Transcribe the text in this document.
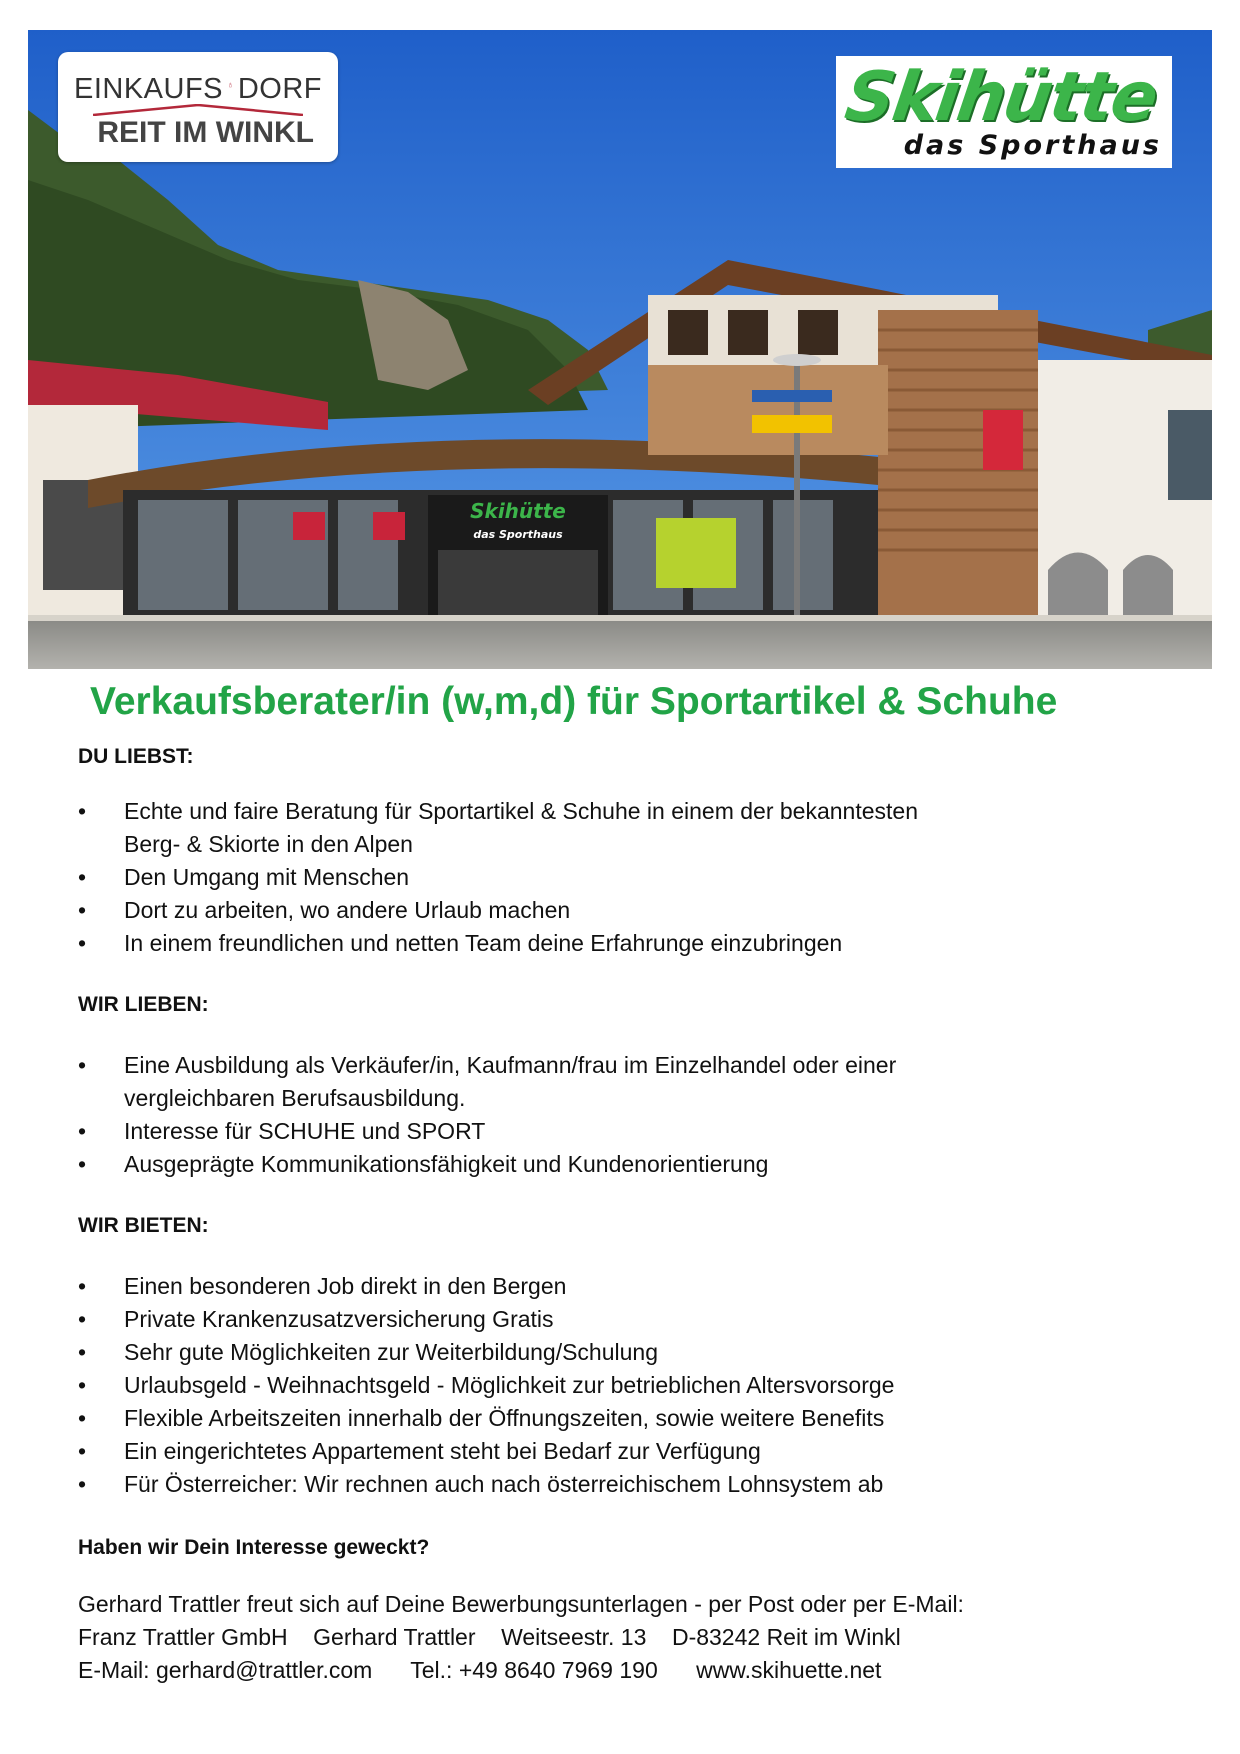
Skihütte
das Sporthaus
EINKAUFS DORF
REIT IM WINKL	Skihütte
das Sporthaus
Verkaufsberater/in (w,m,d) für Sportartikel & Schuhe

DU LIEBST:

• Echte und faire Beratung für Sportartikel & Schuhe in einem der bekanntesten
Berg- & Skiorte in den Alpen
• Den Umgang mit Menschen
• Dort zu arbeiten, wo andere Urlaub machen
• In einem freundlichen und netten Team deine Erfahrunge einzubringen

WIR LIEBEN:

• Eine Ausbildung als Verkäufer/in, Kaufmann/frau im Einzelhandel oder einer
vergleichbaren Berufsausbildung.
• Interesse für SCHUHE und SPORT
• Ausgeprägte Kommunikationsfähigkeit und Kundenorientierung

WIR BIETEN:

• Einen besonderen Job direkt in den Bergen
• Private Krankenzusatzversicherung Gratis
• Sehr gute Möglichkeiten zur Weiterbildung/Schulung
• Urlaubsgeld - Weihnachtsgeld - Möglichkeit zur betrieblichen Altersvorsorge
• Flexible Arbeitszeiten innerhalb der Öffnungszeiten, sowie weitere Benefits
• Ein eingerichtetes Appartement steht bei Bedarf zur Verfügung
• Für Österreicher: Wir rechnen auch nach österreichischem Lohnsystem ab

Haben wir Dein Interesse geweckt?

Gerhard Trattler freut sich auf Deine Bewerbungsunterlagen - per Post oder per E-Mail:

Franz Trattler GmbH Gerhard Trattler Weitseestr. 13 D-83242 Reit im Winkl

E-Mail: gerhard@trattler.com Tel.: +49 8640 7969 190 www.skihuette.net
